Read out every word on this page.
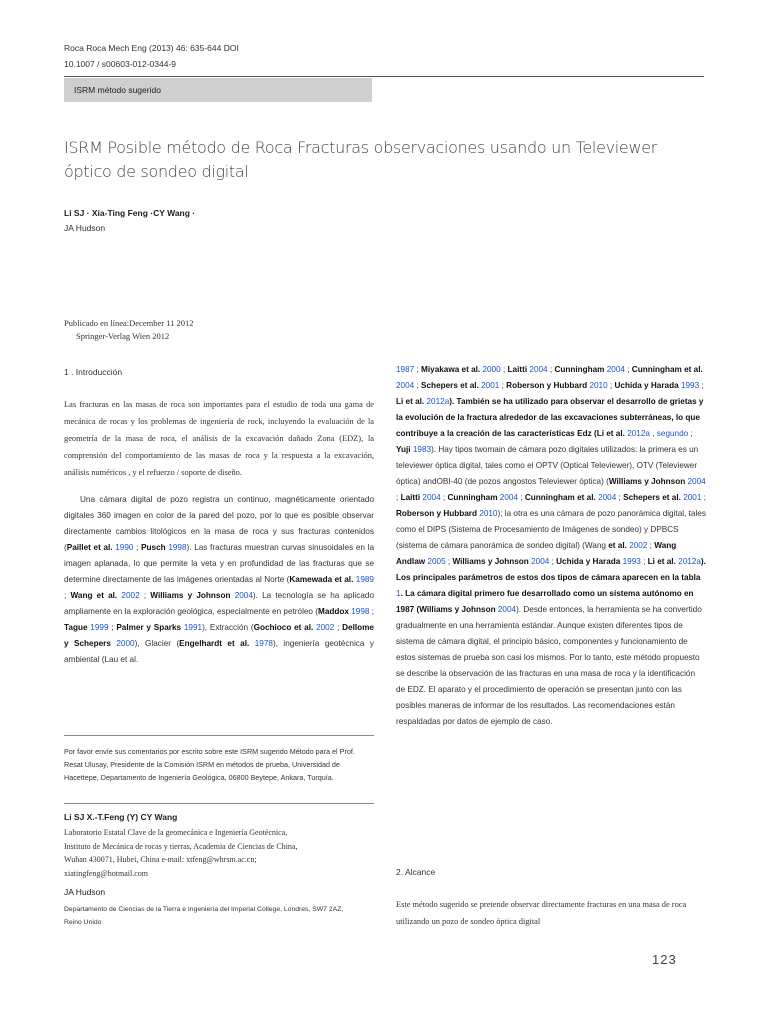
Roca Roca Mech Eng (2013) 46: 635-644 DOI
10.1007 / s00603-012-0344-9
ISRM método sugerido
ISRM Posible método de Roca Fracturas observaciones usando un Televiewer óptico de sondeo digital
Li SJ · Xia-Ting Feng ·CY Wang ·
JA Hudson
Publicado en línea:December 11 2012
Springer-Verlag Wien 2012
1 . Introducción

Las fracturas en las masas de roca son importantes para el estudio de toda una gama de mecánica de rocas y los problemas de ingeniería de rock, incluyendo la evaluación de la geometría de la masa de roca, el análisis de la excavación dañado Zona (EDZ), la comprensión del comportamiento de las masas de roca y la respuesta a la excavación, análisis numéricos , y el refuerzo / soporte de diseño.

Una cámara digital de pozo registra un continuo, magnéticamente orientado digitales 360 imagen en color de la pared del pozo, por lo que es posible observar directamente cambios litológicos en la masa de roca y sus fracturas contenidos (Paillet et al. 1990 ; Pusch 1998). Las fracturas muestran curvas sinusoidales en la imagen aplanada, lo que permite la veta y en profundidad de las fracturas que se determine directamente de las imágenes orientadas al Norte (Kamewada et al. 1989 ; Wang et al. 2002 ; Williams y Johnson 2004). La tecnología se ha aplicado ampliamente en la exploración geológica, especialmente en petróleo (Maddox 1998 ; Tague 1999 ; Palmer y Sparks 1991), Extracción (Gochioco et al. 2002 ; Dellome y Schepers 2000), Glacier (Engelhardt et al. 1978), ingeniería geotécnica y ambiental (Lau et al.

Por favor envíe sus comentarios por escrito sobre este ISRM sugerido Método para el Prof. Resat Ulusay, Presidente de la Comisión ISRM en métodos de prueba, Universidad de Hacettepe, Departamento de Ingeniería Geológica, 06800 Beytepe, Ankara, Turquía.
Li SJ X.-T.Feng (Y) CY Wang
Laboratorio Estatal Clave de la geomecánica e Ingeniería Geotécnica,
Instituto de Mecánica de rocas y tierras, Academia de Ciencias de China,
Wuhan 430071, Hubei, China e-mail: xtfeng@whrsm.ac.cn;
xiatingfeng@hotmail.com
JA Hudson
Departamento de Ciencias de la Tierra e Ingeniería del Imperial College, Londres, SW7 2AZ,
Reino Unido

1987 ; Miyakawa et al. 2000 ; Laitti 2004 ; Cunningham 2004 ; Cunningham et al. 2004 ; Schepers et al. 2001 ; Roberson y Hubbard 2010 ; Uchida y Harada 1993 ; Li et al. 2012a). También se ha utilizado para observar el desarrollo de grietas y la evolución de la fractura alrededor de las excavaciones subterráneas, lo que contribuye a la creación de las características Edz (Li et al. 2012a , segundo ; Yuji 1983). Hay tipos twomain de cámara pozo digitales utilizados: la primera es un televiewer óptica digital, tales como el OPTV (Optical Televiewer), OTV (Televiewer óptica) andOBI-40 (de pozos angostos Televiewer óptica) (Williams y Johnson 2004 ; Laitti 2004 ; Cunningham 2004 ; Cunningham et al. 2004 ; Schepers et al. 2001 ; Roberson y Hubbard 2010); la otra es una cámara de pozo panorámica digital, tales como el DIPS (Sistema de Procesamiento de Imágenes de sondeo) y DPBCS (sistema de cámara panorámica de sondeo digital) (Wang et al. 2002 ; Wang Andlaw 2005 ; Williams y Johnson 2004 ; Uchida y Harada 1993 ; Li et al. 2012a). Los principales parámetros de estos dos tipos de cámara aparecen en la tabla 1. La cámara digital primero fue desarrollado como un sistema autónomo en 1987 (Williams y Johnson 2004). Desde entonces, la herramienta se ha convertido gradualmente en una herramienta estándar. Aunque existen diferentes tipos de sistema de cámara digital, el principio básico, componentes y funcionamiento de estos sistemas de prueba son casi los mismos. Por lo tanto, este método propuesto se describe la observación de las fracturas en una masa de roca y la identificación de EDZ. El aparato y el procedimiento de operación se presentan junto con las posibles maneras de informar de los resultados. Las recomendaciones están respaldadas por datos de ejemplo de caso.

2. Alcance
Este método sugerido se pretende observar directamente fracturas en una masa de roca utilizando un pozo de sondeo óptica digital
123
